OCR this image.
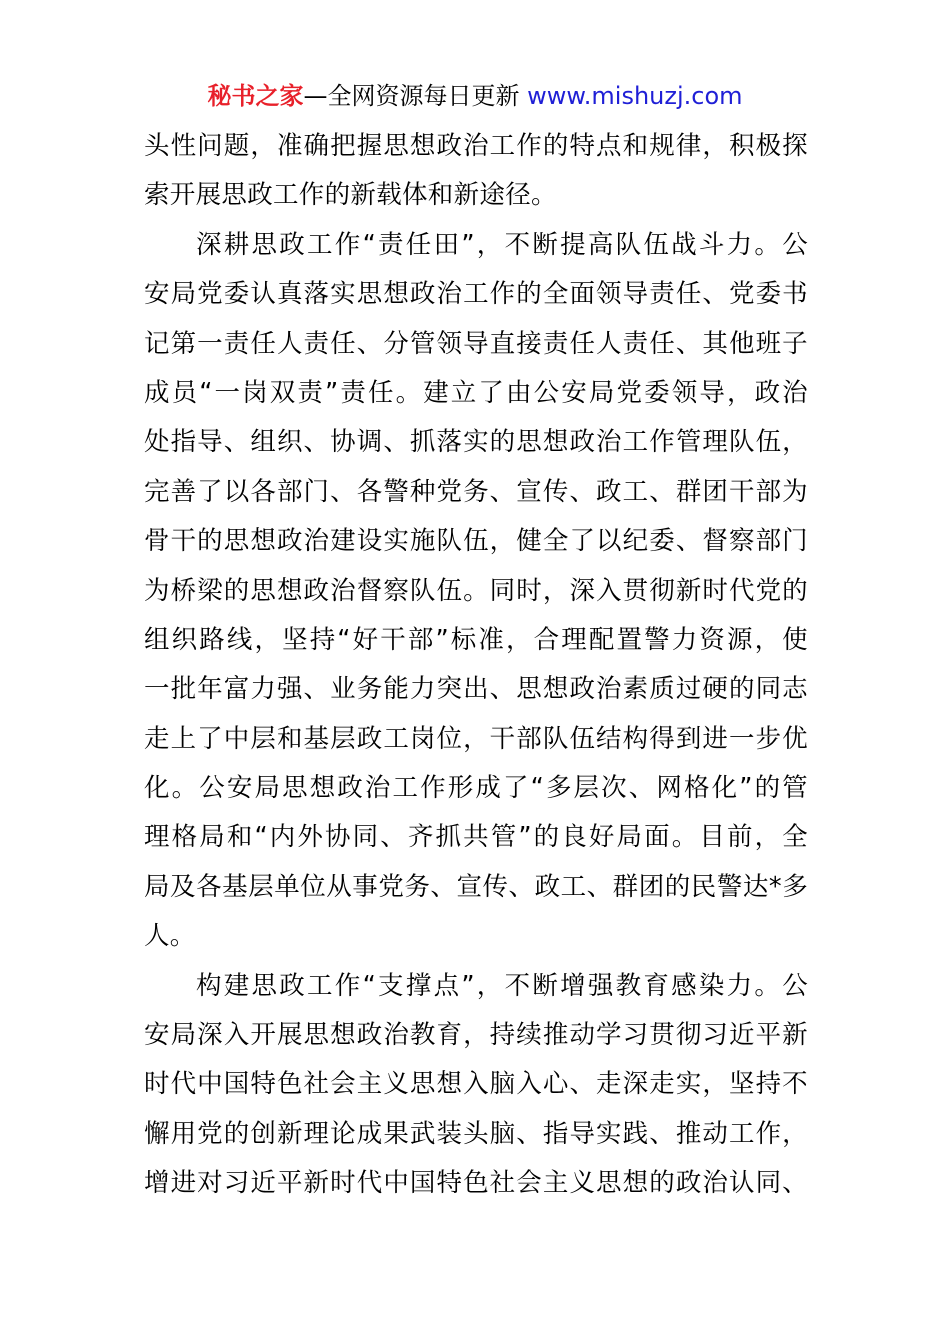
秘书之家—全网资源每日更新 www.mishuzj.com
头性问题，准确把握思想政治工作的特点和规律，积极探
索开展思政工作的新载体和新途径。
深耕思政工作“责任田”，不断提高队伍战斗力。公
安局党委认真落实思想政治工作的全面领导责任、党委书
记第一责任人责任、分管领导直接责任人责任、其他班子
成员“一岗双责”责任。建立了由公安局党委领导，政治
处指导、组织、协调、抓落实的思想政治工作管理队伍，
完善了以各部门、各警种党务、宣传、政工、群团干部为
骨干的思想政治建设实施队伍，健全了以纪委、督察部门
为桥梁的思想政治督察队伍。同时，深入贯彻新时代党的
组织路线，坚持“好干部”标准，合理配置警力资源，使
一批年富力强、业务能力突出、思想政治素质过硬的同志
走上了中层和基层政工岗位，干部队伍结构得到进一步优
化。公安局思想政治工作形成了“多层次、网格化”的管
理格局和“内外协同、齐抓共管”的良好局面。目前，全
局及各基层单位从事党务、宣传、政工、群团的民警达*多
人。
构建思政工作“支撑点”，不断增强教育感染力。公
安局深入开展思想政治教育，持续推动学习贯彻习近平新
时代中国特色社会主义思想入脑入心、走深走实，坚持不
懈用党的创新理论成果武装头脑、指导实践、推动工作，
增进对习近平新时代中国特色社会主义思想的政治认同、
